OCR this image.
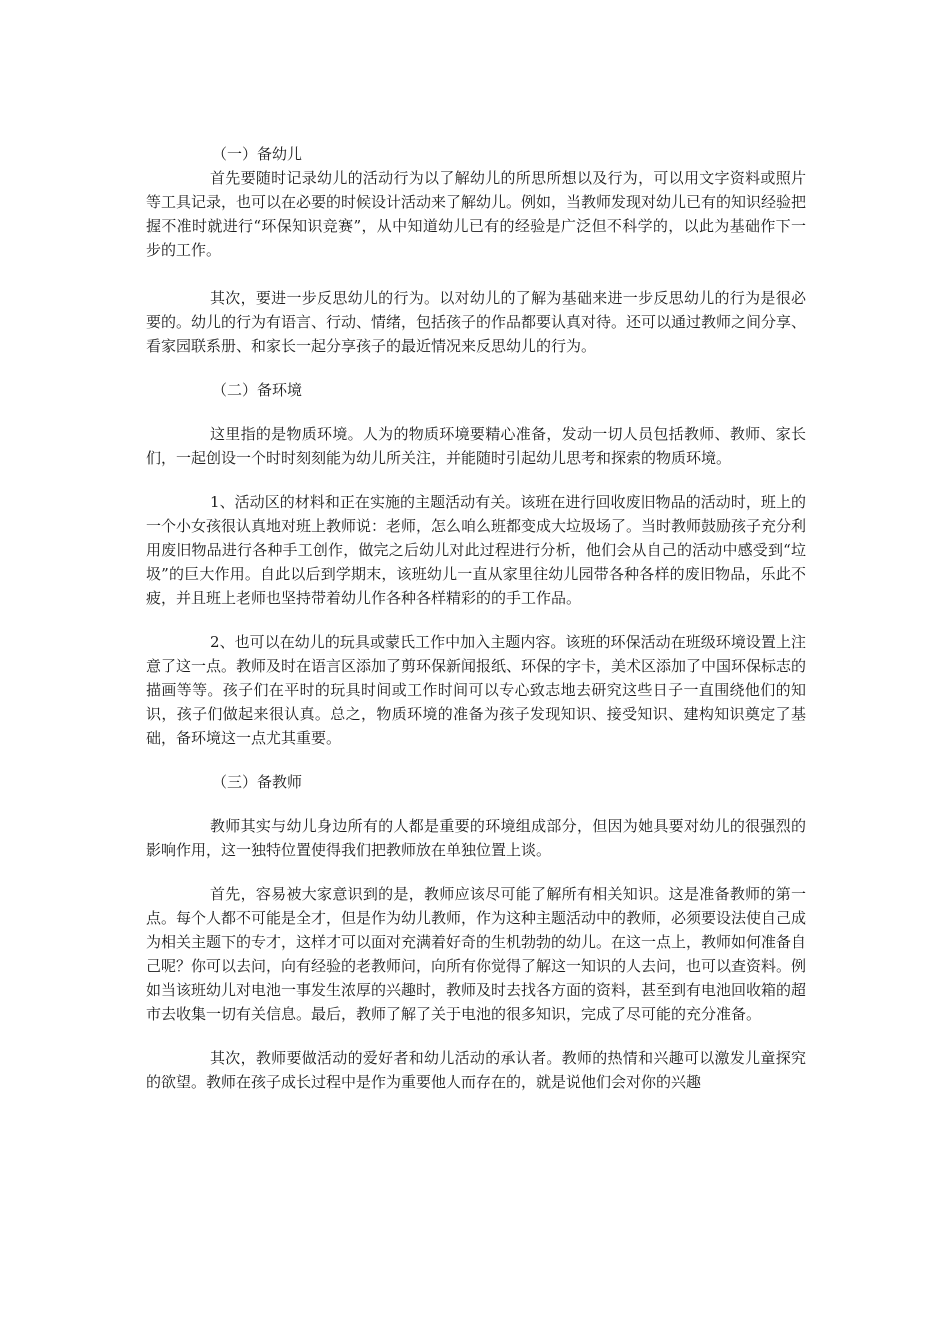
（一）备幼儿

首先要随时记录幼儿的活动行为以了解幼儿的所思所想以及行为，可以用文字资料或照片等工具记录，也可以在必要的时候设计活动来了解幼儿。例如，当教师发现对幼儿已有的知识经验把握不准时就进行“环保知识竞赛”，从中知道幼儿已有的经验是广泛但不科学的，以此为基础作下一步的工作。

其次，要进一步反思幼儿的行为。以对幼儿的了解为基础来进一步反思幼儿的行为是很必要的。幼儿的行为有语言、行动、情绪，包括孩子的作品都要认真对待。还可以通过教师之间分享、看家园联系册、和家长一起分享孩子的最近情况来反思幼儿的行为。

（二）备环境

这里指的是物质环境。人为的物质环境要精心准备，发动一切人员包括教师、教师、家长们，一起创设一个时时刻刻能为幼儿所关注，并能随时引起幼儿思考和探索的物质环境。

1、活动区的材料和正在实施的主题活动有关。该班在进行回收废旧物品的活动时，班上的一个小女孩很认真地对班上教师说：老师，怎么咱么班都变成大垃圾场了。当时教师鼓励孩子充分利用废旧物品进行各种手工创作，做完之后幼儿对此过程进行分析，他们会从自己的活动中感受到“垃圾”的巨大作用。自此以后到学期末，该班幼儿一直从家里往幼儿园带各种各样的废旧物品，乐此不疲，并且班上老师也坚持带着幼儿作各种各样精彩的的手工作品。

2、也可以在幼儿的玩具或蒙氏工作中加入主题内容。该班的环保活动在班级环境设置上注意了这一点。教师及时在语言区添加了剪环保新闻报纸、环保的字卡，美术区添加了中国环保标志的描画等等。孩子们在平时的玩具时间或工作时间可以专心致志地去研究这些日子一直围绕他们的知识，孩子们做起来很认真。总之，物质环境的准备为孩子发现知识、接受知识、建构知识奠定了基础，备环境这一点尤其重要。

（三）备教师

教师其实与幼儿身边所有的人都是重要的环境组成部分，但因为她具要对幼儿的很强烈的影响作用，这一独特位置使得我们把教师放在单独位置上谈。

首先，容易被大家意识到的是，教师应该尽可能了解所有相关知识。这是准备教师的第一点。每个人都不可能是全才，但是作为幼儿教师，作为这种主题活动中的教师，必须要设法使自己成为相关主题下的专才，这样才可以面对充满着好奇的生机勃勃的幼儿。在这一点上，教师如何准备自己呢？你可以去问，向有经验的老教师问，向所有你觉得了解这一知识的人去问，也可以查资料。例如当该班幼儿对电池一事发生浓厚的兴趣时，教师及时去找各方面的资料，甚至到有电池回收箱的超市去收集一切有关信息。最后，教师了解了关于电池的很多知识，完成了尽可能的充分准备。

其次，教师要做活动的爱好者和幼儿活动的承认者。教师的热情和兴趣可以激发儿童探究的欲望。教师在孩子成长过程中是作为重要他人而存在的，就是说他们会对你的兴趣
